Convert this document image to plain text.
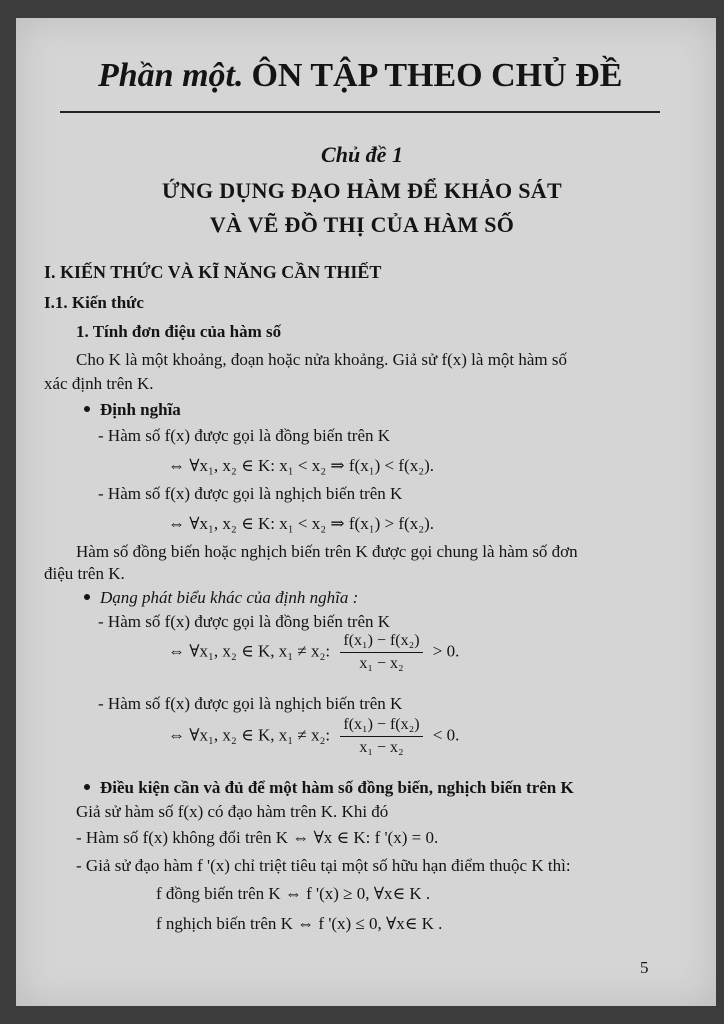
Phần một. ÔN TẬP THEO CHỦ ĐỀ
Chủ đề 1
ỨNG DỤNG ĐẠO HÀM ĐỂ KHẢO SÁT
VÀ VẼ ĐỒ THỊ CỦA HÀM SỐ
I. KIẾN THỨC VÀ KĨ NĂNG CẦN THIẾT
I.1. Kiến thức
1. Tính đơn điệu của hàm số
Cho K là một khoảng, đoạn hoặc nửa khoảng. Giả sử f(x) là một hàm số
xác định trên K.
Định nghĩa
- Hàm số f(x) được gọi là đồng biến trên K
⇔ ∀x₁, x₂ ∈ K: x₁ < x₂ ⇒ f(x₁) < f(x₂).
- Hàm số f(x) được gọi là nghịch biến trên K
⇔ ∀x₁, x₂ ∈ K: x₁ < x₂ ⇒ f(x₁) > f(x₂).
Hàm số đồng biến hoặc nghịch biến trên K được gọi chung là hàm số đơn
điệu trên K.
Dạng phát biểu khác của định nghĩa :
- Hàm số f(x) được gọi là đồng biến trên K
⇔ ∀x₁, x₂ ∈ K, x₁ ≠ x₂: $\frac{\text{f(x₁) − f(x₂)}}{\text{x₁ − x₂}} > 0$.
- Hàm số f(x) được gọi là nghịch biến trên K
⇔ ∀x₁, x₂ ∈ K, x₁ ≠ x₂: $\frac{\text{f(x₁) − f(x₂)}}{\text{x₁ − x₂}} < 0$.
Điều kiện cần và đủ để một hàm số đồng biến, nghịch biến trên K
Giả sử hàm số f(x) có đạo hàm trên K. Khi đó
- Hàm số f(x) không đổi trên K ⇔ ∀x ∈ K: f '(x) = 0.
- Giả sử đạo hàm f '(x) chỉ triệt tiêu tại một số hữu hạn điểm thuộc K thì:
f đồng biến trên K ⇔ f '(x) ≥ 0, ∀x∈ K .
f nghịch biến trên K ⇔ f '(x) ≤ 0, ∀x∈ K .
5
